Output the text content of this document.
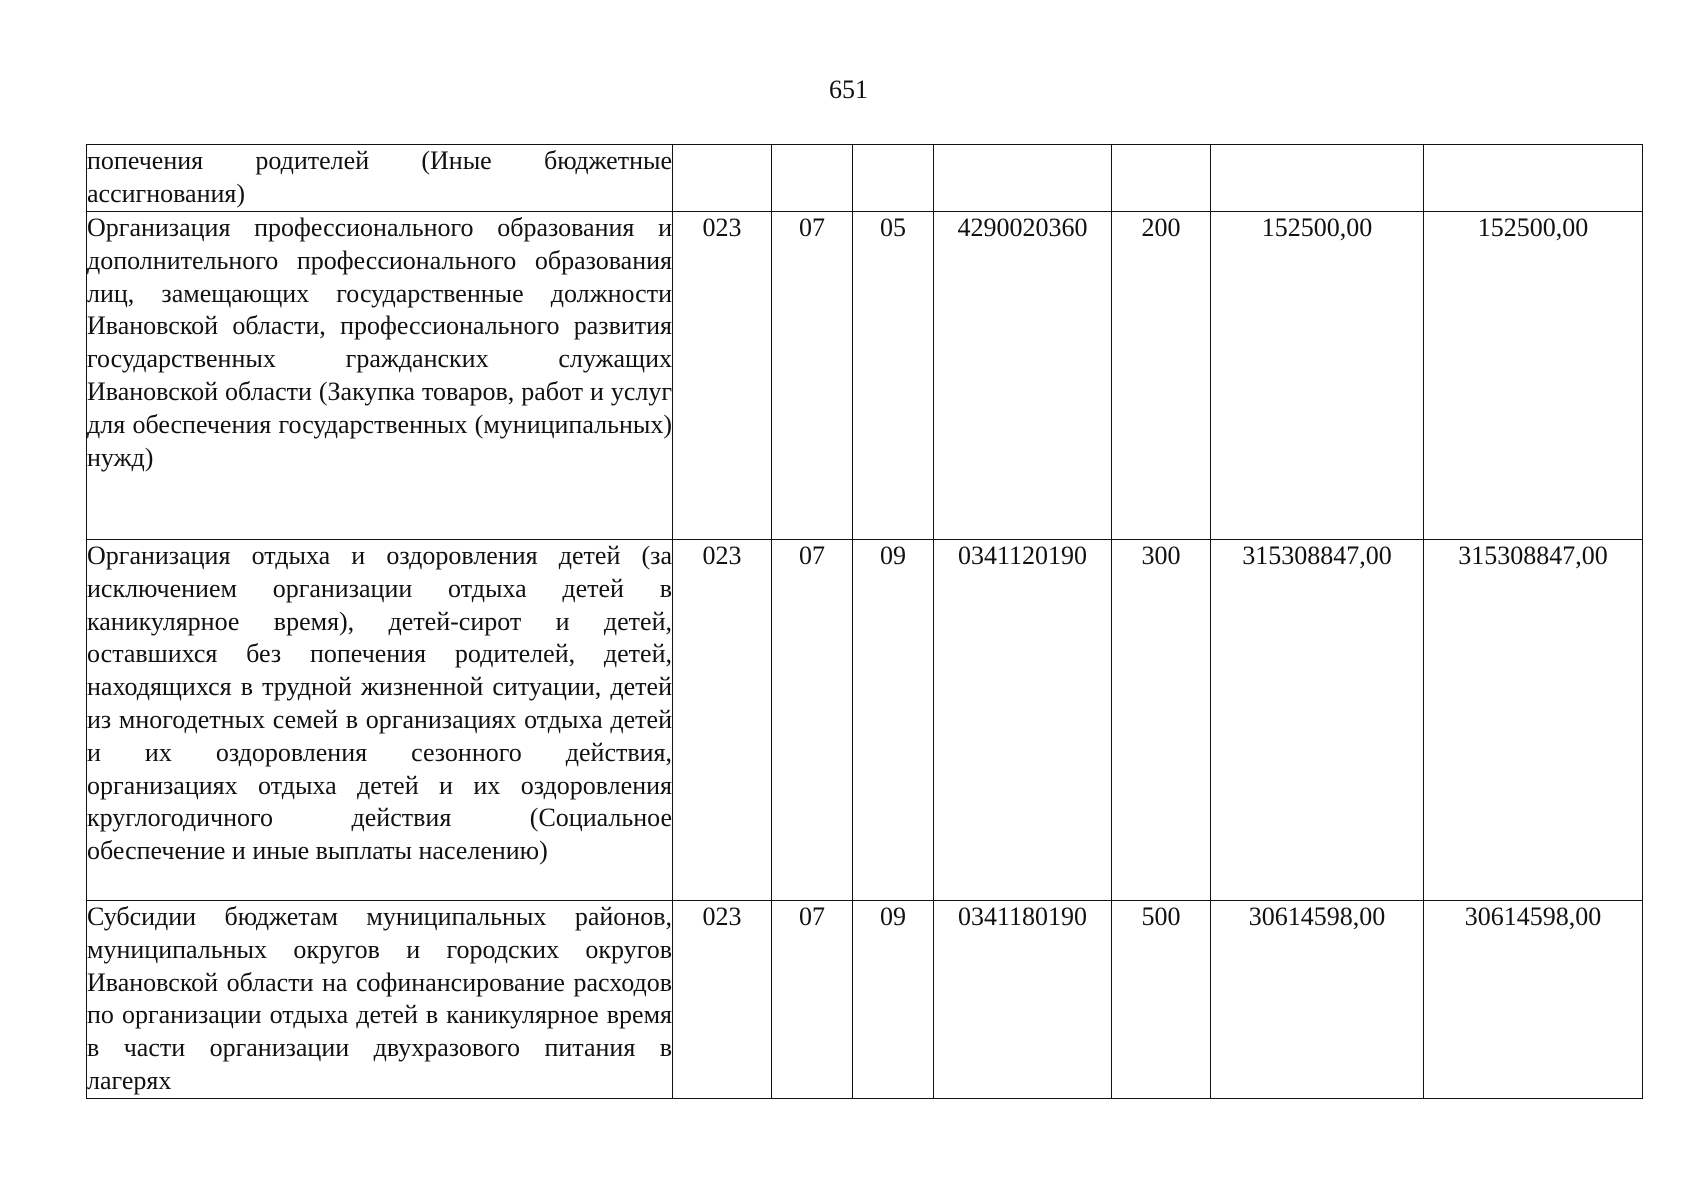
651
попечения родителей (Иные бюджетные ассигнования)							

Организация профессионального образования и дополнительного профессионального образования лиц, замещающих государственные должности Ивановской области, профессионального развития государственных гражданских служащих Ивановской области (Закупка товаров, работ и услуг для обеспечения государственных (муниципальных) нужд)	023	07	05	4290020360	200	152500,00	152500,00

Организация отдыха и оздоровления детей (за исключением организации отдыха детей в каникулярное время), детей-сирот и детей, оставшихся без попечения родителей, детей, находящихся в трудной жизненной ситуации, детей из многодетных семей в организациях отдыха детей и их оздоровления сезонного действия, организациях отдыха детей и их оздоровления круглогодичного действия (Социальное обеспечение и иные выплаты населению)	023	07	09	0341120190	300	315308847,00	315308847,00

Субсидии бюджетам муниципальных районов, муниципальных округов и городских округов Ивановской области на софинансирование расходов по организации отдыха детей в каникулярное время в части организации двухразового питания в лагерях	023	07	09	0341180190	500	30614598,00	30614598,00
